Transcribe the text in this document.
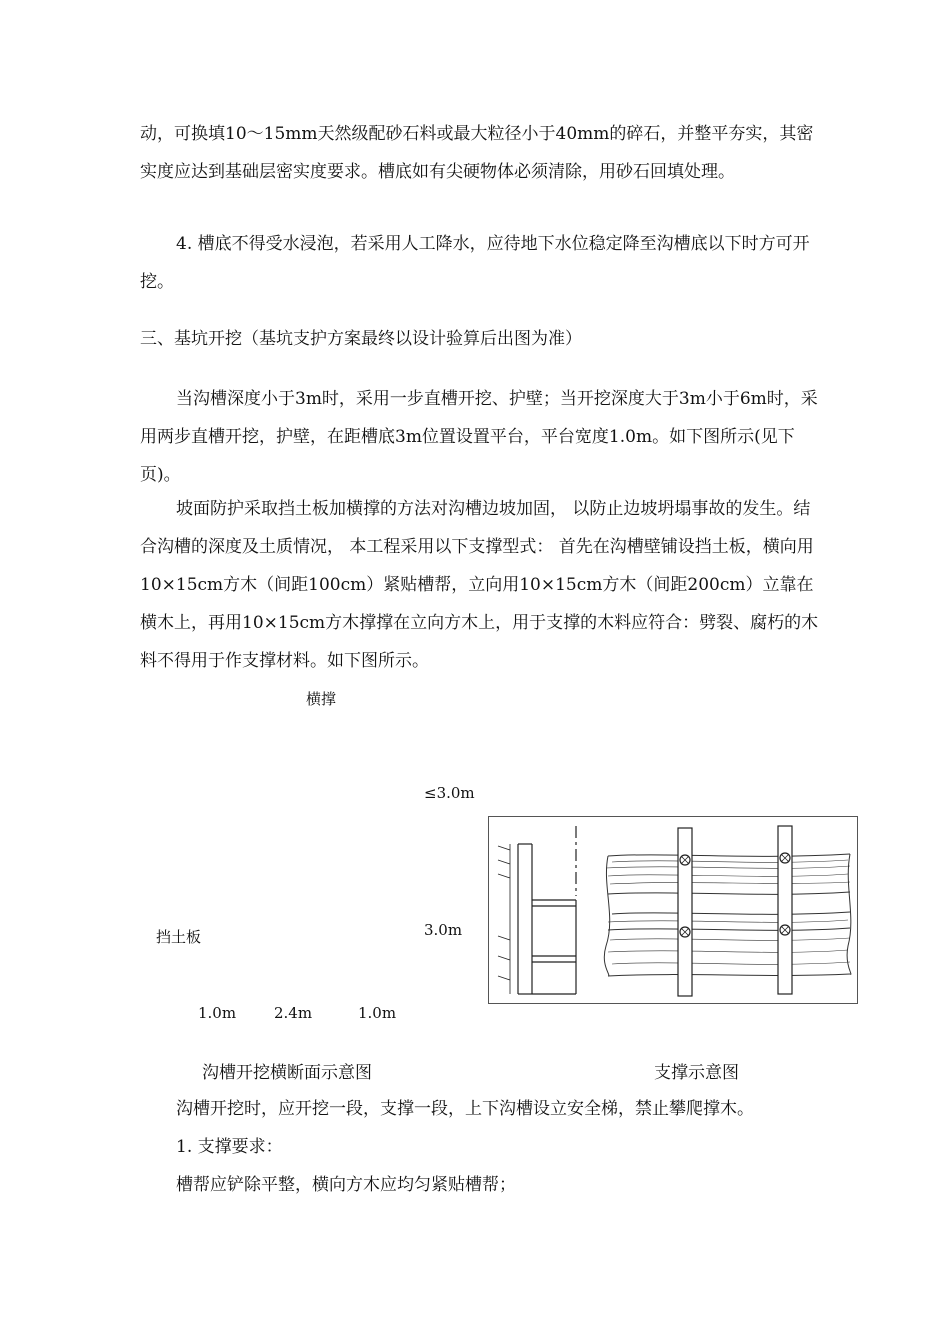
动，可换填10～15mm天然级配砂石料或最大粒径小于40mm的碎石，并整平夯实，其密实度应达到基础层密实度要求。槽底如有尖硬物体必须清除，用砂石回填处理。

4. 槽底不得受水浸泡，若采用人工降水，应待地下水位稳定降至沟槽底以下时方可开挖。

三、基坑开挖（基坑支护方案最终以设计验算后出图为准）

当沟槽深度小于3m时，采用一步直槽开挖、护壁；当开挖深度大于3m小于6m时，采用两步直槽开挖，护壁，在距槽底3m位置设置平台，平台宽度1.0m。如下图所示(见下页)。

坡面防护采取挡土板加横撑的方法对沟槽边坡加固， 以防止边坡坍塌事故的发生。结合沟槽的深度及土质情况， 本工程采用以下支撑型式： 首先在沟槽壁铺设挡土板，横向用10×15cm方木（间距100cm）紧贴槽帮，立向用10×15cm方木（间距200cm）立靠在横木上，再用10×15cm方木撑撑在立向方木上，用于支撑的木料应符合：劈裂、腐朽的木料不得用于作支撑材料。如下图所示。

横撑
≤3.0m
挡土板	3.0m
1.0m	2.4m	1.0m
沟槽开挖横断面示意图	支撑示意图

沟槽开挖时，应开挖一段，支撑一段，上下沟槽设立安全梯，禁止攀爬撑木。

1. 支撑要求：

槽帮应铲除平整，横向方木应均匀紧贴槽帮；
